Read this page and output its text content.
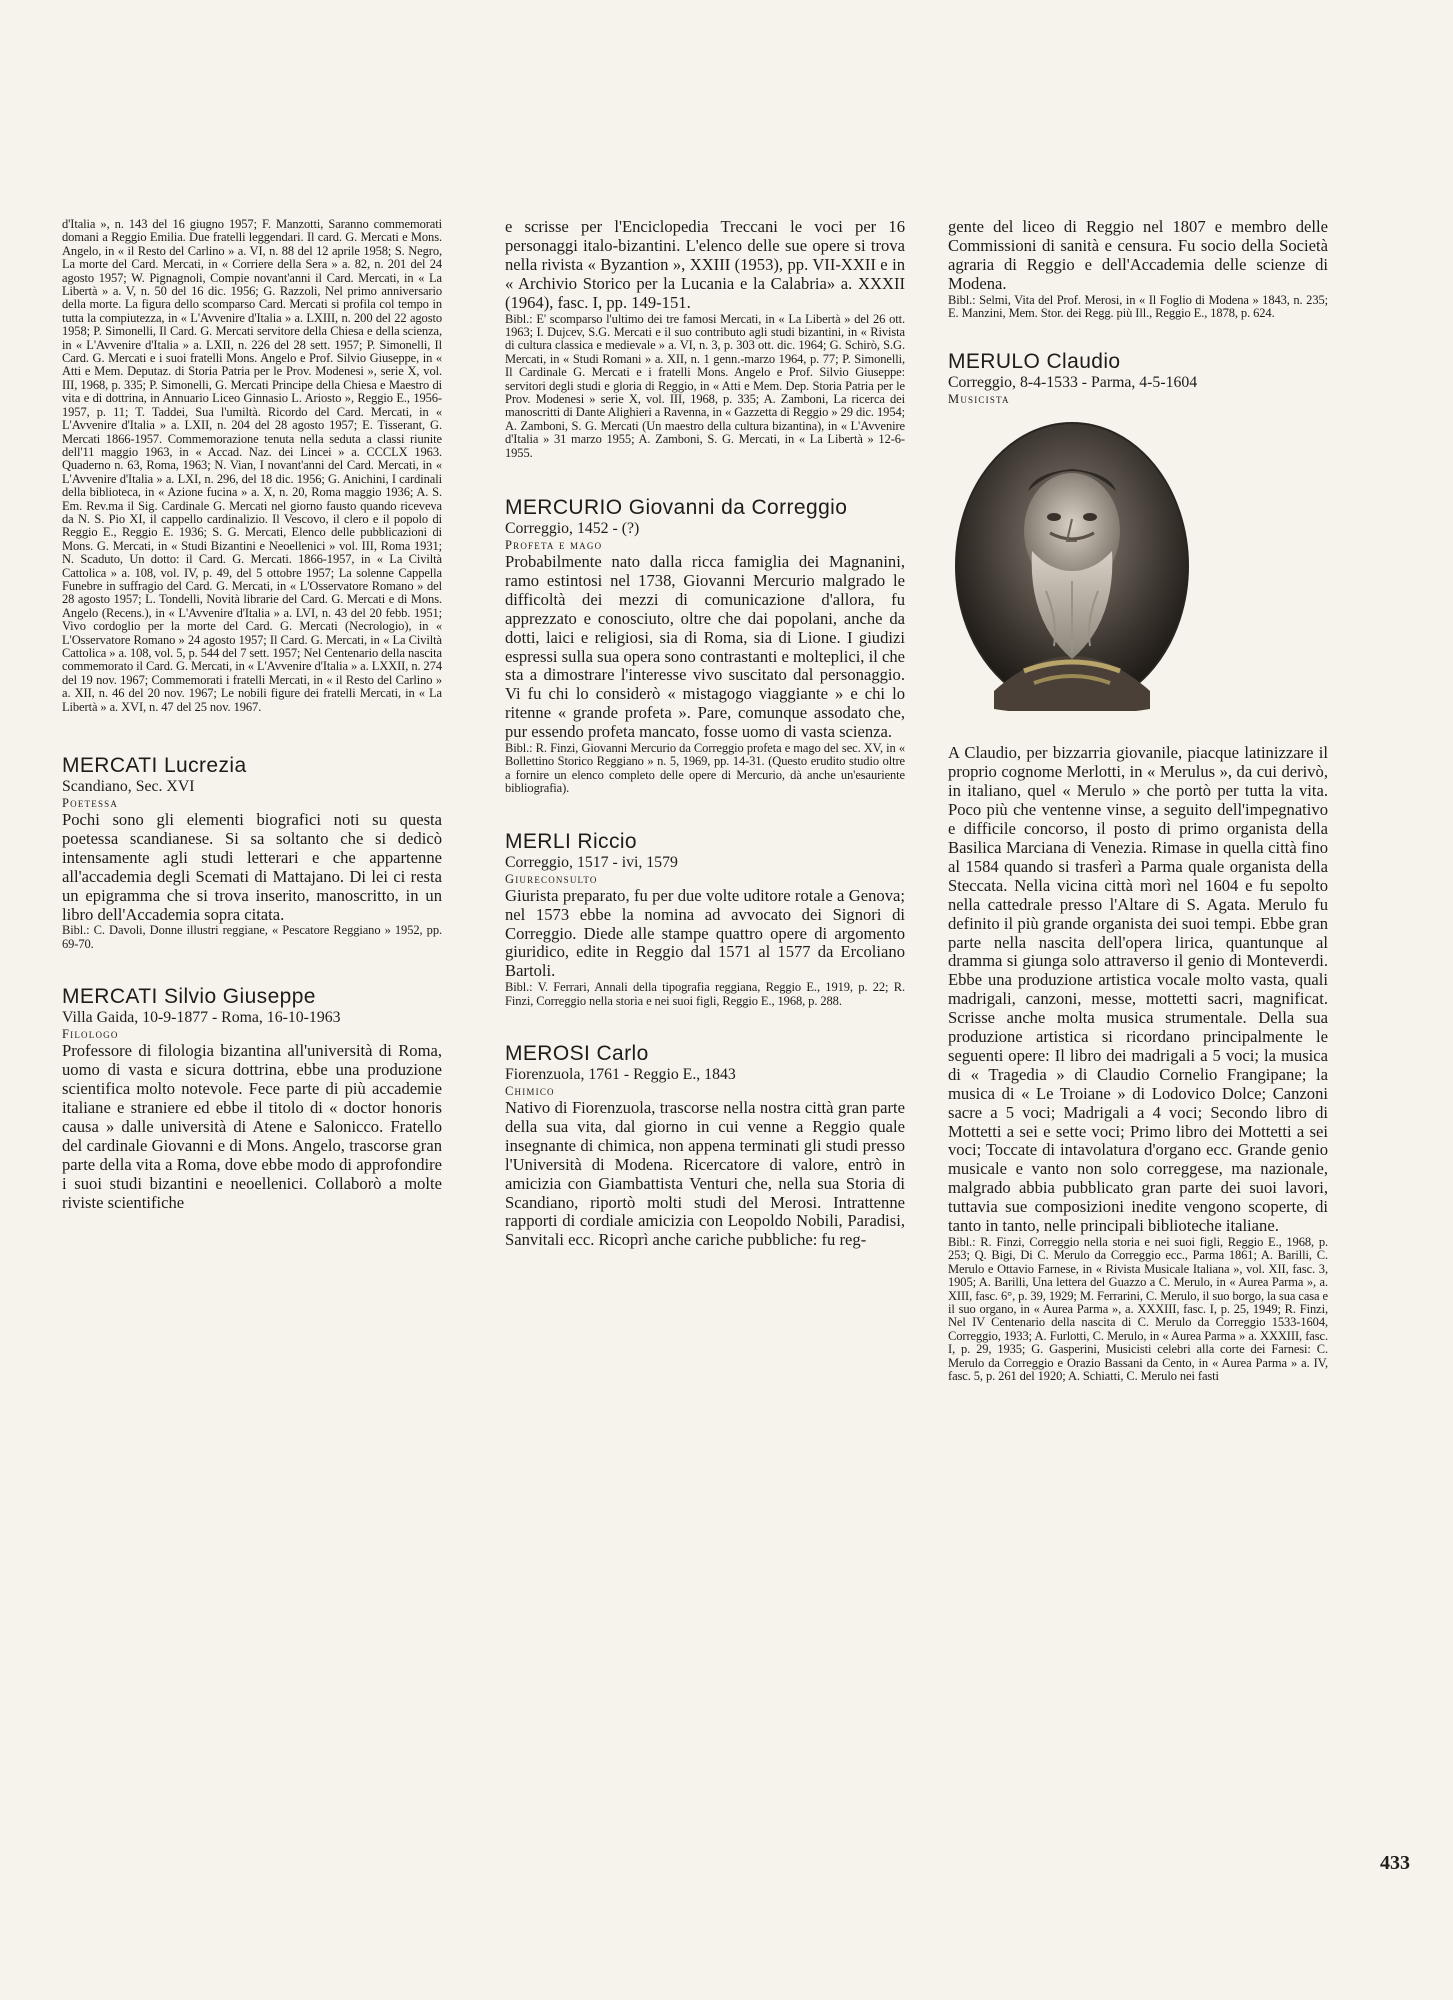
d'Italia », n. 143 del 16 giugno 1957; F. Manzotti, Saranno commemorati domani a Reggio Emilia. Due fratelli leggendari. Il card. G. Mercati e Mons. Angelo, in « il Resto del Carlino » a. VI, n. 88 del 12 aprile 1958; S. Negro, La morte del Card. Mercati, in « Corriere della Sera » a. 82, n. 201 del 24 agosto 1957; W. Pignagnoli, Compie novant'anni il Card. Mercati, in « La Libertà » a. V, n. 50 del 16 dic. 1956; G. Razzoli, Nel primo anniversario della morte. La figura dello scomparso Card. Mercati si profila col tempo in tutta la compiutezza, in « L'Avvenire d'Italia » a. LXIII, n. 200 del 22 agosto 1958; P. Simonelli, Il Card. G. Mercati servitore della Chiesa e della scienza, in « L'Avvenire d'Italia » a. LXII, n. 226 del 28 sett. 1957; P. Simonelli, Il Card. G. Mercati e i suoi fratelli Mons. Angelo e Prof. Silvio Giuseppe, in « Atti e Mem. Deputaz. di Storia Patria per le Prov. Modenesi », serie X, vol. III, 1968, p. 335; P. Simonelli, G. Mercati Principe della Chiesa e Maestro di vita e di dottrina, in Annuario Liceo Ginnasio L. Ariosto », Reggio E., 1956-1957, p. 11; T. Taddei, Sua l'umiltà. Ricordo del Card. Mercati, in « L'Avvenire d'Italia » a. LXII, n. 204 del 28 agosto 1957; E. Tisserant, G. Mercati 1866-1957. Commemorazione tenuta nella seduta a classi riunite dell'11 maggio 1963, in « Accad. Naz. dei Lincei » a. CCCLX 1963. Quaderno n. 63, Roma, 1963; N. Vian, I novant'anni del Card. Mercati, in « L'Avvenire d'Italia » a. LXI, n. 296, del 18 dic. 1956; G. Anichini, I cardinali della biblioteca, in « Azione fucina » a. X, n. 20, Roma maggio 1936; A. S. Em. Rev.ma il Sig. Cardinale G. Mercati nel giorno fausto quando riceveva da N. S. Pio XI, il cappello cardinalizio. Il Vescovo, il clero e il popolo di Reggio E., Reggio E. 1936; S. G. Mercati, Elenco delle pubblicazioni di Mons. G. Mercati, in « Studi Bizantini e Neoellenici » vol. III, Roma 1931; N. Scaduto, Un dotto: il Card. G. Mercati. 1866-1957, in « La Civiltà Cattolica » a. 108, vol. IV, p. 49, del 5 ottobre 1957; La solenne Cappella Funebre in suffragio del Card. G. Mercati, in « L'Osservatore Romano » del 28 agosto 1957; L. Tondelli, Novità librarie del Card. G. Mercati e di Mons. Angelo (Recens.), in « L'Avvenire d'Italia » a. LVI, n. 43 del 20 febb. 1951; Vivo cordoglio per la morte del Card. G. Mercati (Necrologio), in « L'Osservatore Romano » 24 agosto 1957; Il Card. G. Mercati, in « La Civiltà Cattolica » a. 108, vol. 5, p. 544 del 7 sett. 1957; Nel Centenario della nascita commemorato il Card. G. Mercati, in « L'Avvenire d'Italia » a. LXXII, n. 274 del 19 nov. 1967; Commemorati i fratelli Mercati, in « il Resto del Carlino » a. XII, n. 46 del 20 nov. 1967; Le nobili figure dei fratelli Mercati, in « La Libertà » a. XVI, n. 47 del 25 nov. 1967.

MERCATI Lucrezia
Scandiano, Sec. XVI
Poetessa

Pochi sono gli elementi biografici noti su questa poetessa scandianese. Si sa soltanto che si dedicò intensamente agli studi letterari e che appartenne all'accademia degli Scemati di Mattajano. Di lei ci resta un epigramma che si trova inserito, manoscritto, in un libro dell'Accademia sopra citata.

Bibl.: C. Davoli, Donne illustri reggiane, « Pescatore Reggiano » 1952, pp. 69-70.

MERCATI Silvio Giuseppe
Villa Gaida, 10-9-1877 - Roma, 16-10-1963
Filologo

Professore di filologia bizantina all'università di Roma, uomo di vasta e sicura dottrina, ebbe una produzione scientifica molto notevole. Fece parte di più accademie italiane e straniere ed ebbe il titolo di « doctor honoris causa » dalle università di Atene e Salonicco. Fratello del cardinale Giovanni e di Mons. Angelo, trascorse gran parte della vita a Roma, dove ebbe modo di approfondire i suoi studi bizantini e neoellenici. Collaborò a molte riviste scientifiche

e scrisse per l'Enciclopedia Treccani le voci per 16 personaggi italo-bizantini. L'elenco delle sue opere si trova nella rivista « Byzantion », XXIII (1953), pp. VII-XXII e in « Archivio Storico per la Lucania e la Calabria» a. XXXII (1964), fasc. I, pp. 149-151.

Bibl.: E' scomparso l'ultimo dei tre famosi Mercati, in « La Libertà » del 26 ott. 1963; I. Dujcev, S.G. Mercati e il suo contributo agli studi bizantini, in « Rivista di cultura classica e medievale » a. VI, n. 3, p. 303 ott. dic. 1964; G. Schirò, S.G. Mercati, in « Studi Romani » a. XII, n. 1 genn.-marzo 1964, p. 77; P. Simonelli, Il Cardinale G. Mercati e i fratelli Mons. Angelo e Prof. Silvio Giuseppe: servitori degli studi e gloria di Reggio, in « Atti e Mem. Dep. Storia Patria per le Prov. Modenesi » serie X, vol. III, 1968, p. 335; A. Zamboni, La ricerca dei manoscritti di Dante Alighieri a Ravenna, in « Gazzetta di Reggio » 29 dic. 1954; A. Zamboni, S. G. Mercati (Un maestro della cultura bizantina), in « L'Avvenire d'Italia » 31 marzo 1955; A. Zamboni, S. G. Mercati, in « La Libertà » 12-6-1955.

MERCURIO Giovanni da Correggio
Correggio, 1452 - (?)
Profeta e mago

Probabilmente nato dalla ricca famiglia dei Magnanini, ramo estintosi nel 1738, Giovanni Mercurio malgrado le difficoltà dei mezzi di comunicazione d'allora, fu apprezzato e conosciuto, oltre che dai popolani, anche da dotti, laici e religiosi, sia di Roma, sia di Lione. I giudizi espressi sulla sua opera sono contrastanti e molteplici, il che sta a dimostrare l'interesse vivo suscitato dal personaggio. Vi fu chi lo considerò « mistagogo viaggiante » e chi lo ritenne « grande profeta ». Pare, comunque assodato che, pur essendo profeta mancato, fosse uomo di vasta scienza.

Bibl.: R. Finzi, Giovanni Mercurio da Correggio profeta e mago del sec. XV, in « Bollettino Storico Reggiano » n. 5, 1969, pp. 14-31. (Questo erudito studio oltre a fornire un elenco completo delle opere di Mercurio, dà anche un'esauriente bibliografia).

MERLI Riccio
Correggio, 1517 - ivi, 1579
Giureconsulto

Giurista preparato, fu per due volte uditore rotale a Genova; nel 1573 ebbe la nomina ad avvocato dei Signori di Correggio. Diede alle stampe quattro opere di argomento giuridico, edite in Reggio dal 1571 al 1577 da Ercoliano Bartoli.

Bibl.: V. Ferrari, Annali della tipografia reggiana, Reggio E., 1919, p. 22; R. Finzi, Correggio nella storia e nei suoi figli, Reggio E., 1968, p. 288.

MEROSI Carlo
Fiorenzuola, 1761 - Reggio E., 1843
Chimico

Nativo di Fiorenzuola, trascorse nella nostra città gran parte della sua vita, dal giorno in cui venne a Reggio quale insegnante di chimica, non appena terminati gli studi presso l'Università di Modena. Ricercatore di valore, entrò in amicizia con Giambattista Venturi che, nella sua Storia di Scandiano, riportò molti studi del Merosi. Intrattenne rapporti di cordiale amicizia con Leopoldo Nobili, Paradisi, Sanvitali ecc. Ricoprì anche cariche pubbliche: fu reg-

gente del liceo di Reggio nel 1807 e membro delle Commissioni di sanità e censura. Fu socio della Società agraria di Reggio e dell'Accademia delle scienze di Modena.

Bibl.: Selmi, Vita del Prof. Merosi, in « Il Foglio di Modena » 1843, n. 235; E. Manzini, Mem. Stor. dei Regg. più Ill., Reggio E., 1878, p. 624.

MERULO Claudio
Correggio, 8-4-1533 - Parma, 4-5-1604
Musicista

A Claudio, per bizzarria giovanile, piacque latinizzare il proprio cognome Merlotti, in « Merulus », da cui derivò, in italiano, quel « Merulo » che portò per tutta la vita. Poco più che ventenne vinse, a seguito dell'impegnativo e difficile concorso, il posto di primo organista della Basilica Marciana di Venezia. Rimase in quella città fino al 1584 quando si trasferì a Parma quale organista della Steccata. Nella vicina città morì nel 1604 e fu sepolto nella cattedrale presso l'Altare di S. Agata. Merulo fu definito il più grande organista dei suoi tempi. Ebbe gran parte nella nascita dell'opera lirica, quantunque al dramma si giunga solo attraverso il genio di Monteverdi. Ebbe una produzione artistica vocale molto vasta, quali madrigali, canzoni, messe, mottetti sacri, magnificat. Scrisse anche molta musica strumentale. Della sua produzione artistica si ricordano principalmente le seguenti opere: Il libro dei madrigali a 5 voci; la musica di « Tragedia » di Claudio Cornelio Frangipane; la musica di « Le Troiane » di Lodovico Dolce; Canzoni sacre a 5 voci; Madrigali a 4 voci; Secondo libro di Mottetti a sei e sette voci; Primo libro dei Mottetti a sei voci; Toccate di intavolatura d'organo ecc. Grande genio musicale e vanto non solo correggese, ma nazionale, malgrado abbia pubblicato gran parte dei suoi lavori, tuttavia sue composizioni inedite vengono scoperte, di tanto in tanto, nelle principali biblioteche italiane.

Bibl.: R. Finzi, Correggio nella storia e nei suoi figli, Reggio E., 1968, p. 253; Q. Bigi, Di C. Merulo da Correggio ecc., Parma 1861; A. Barilli, C. Merulo e Ottavio Farnese, in « Rivista Musicale Italiana », vol. XII, fasc. 3, 1905; A. Barilli, Una lettera del Guazzo a C. Merulo, in « Aurea Parma », a. XIII, fasc. 6°, p. 39, 1929; M. Ferrarini, C. Merulo, il suo borgo, la sua casa e il suo organo, in « Aurea Parma », a. XXXIII, fasc. I, p. 25, 1949; R. Finzi, Nel IV Centenario della nascita di C. Merulo da Correggio 1533-1604, Correggio, 1933; A. Furlotti, C. Merulo, in « Aurea Parma » a. XXXIII, fasc. I, p. 29, 1935; G. Gasperini, Musicisti celebri alla corte dei Farnesi: C. Merulo da Correggio e Orazio Bassani da Cento, in « Aurea Parma » a. IV, fasc. 5, p. 261 del 1920; A. Schiatti, C. Merulo nei fasti

433
